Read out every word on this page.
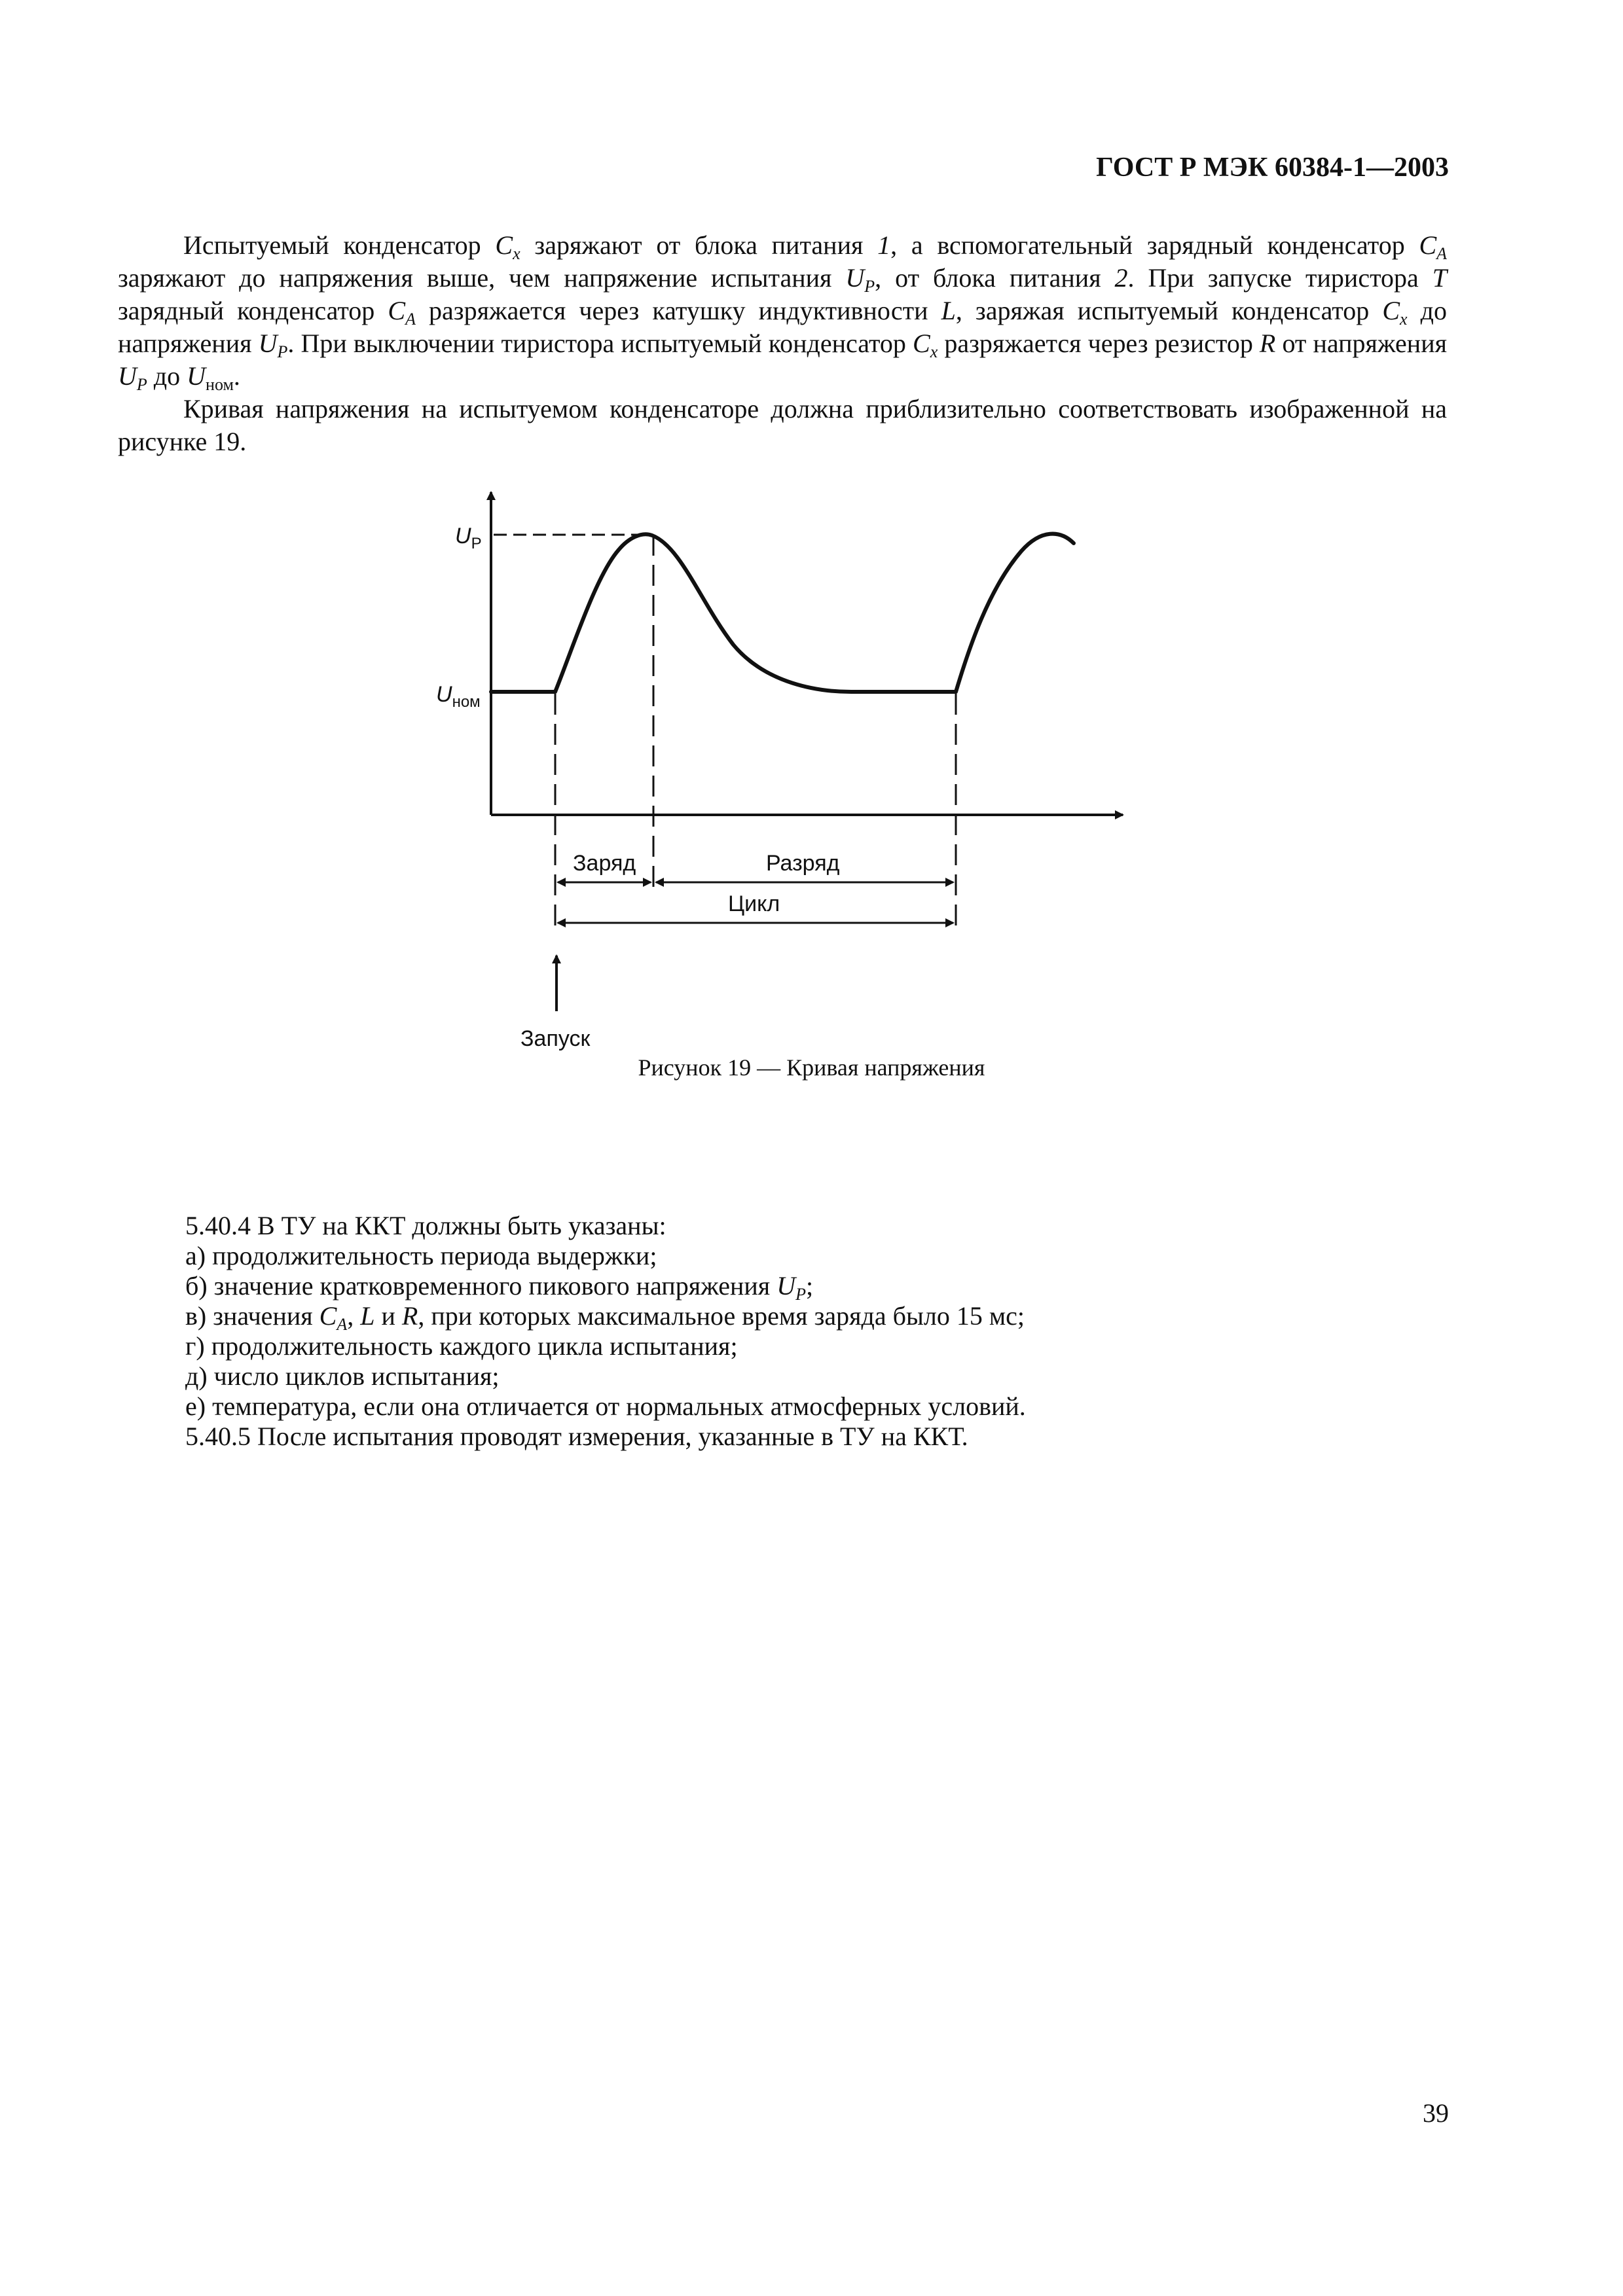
ГОСТ Р МЭК 60384-1—2003

Испытуемый конденсатор $C_x$ заряжают от блока питания 1, а вспомогательный зарядный конденсатор $C_A$ заряжают до напряжения выше, чем напряжение испытания $U_P$, от блока питания 2. При запуске тиристора T зарядный конденсатор $C_A$ разряжается через катушку индуктивности L, заряжая испытуемый конденсатор $C_x$ до напряжения $U_P$. При выключении тиристора испытуемый конденсатор $C_x$ разряжается через резистор R от напряжения $U_P$ до $U_{ном}$.

Кривая напряжения на испытуемом конденсаторе должна приблизительно соответствовать изображенной на рисунке 19.

$U_P$
$U_{ном}$
Заряд	Разряд
Цикл
Запуск
Рисунок 19 — Кривая напряжения
5.40.4 В ТУ на ККТ должны быть указаны:
а) продолжительность периода выдержки;
б) значение кратковременного пикового напряжения $U_P$;
в) значения $C_A$, L и R, при которых максимальное время заряда было 15 мс;
г) продолжительность каждого цикла испытания;
д) число циклов испытания;
е) температура, если она отличается от нормальных атмосферных условий.
5.40.5 После испытания проводят измерения, указанные в ТУ на ККТ.
39
